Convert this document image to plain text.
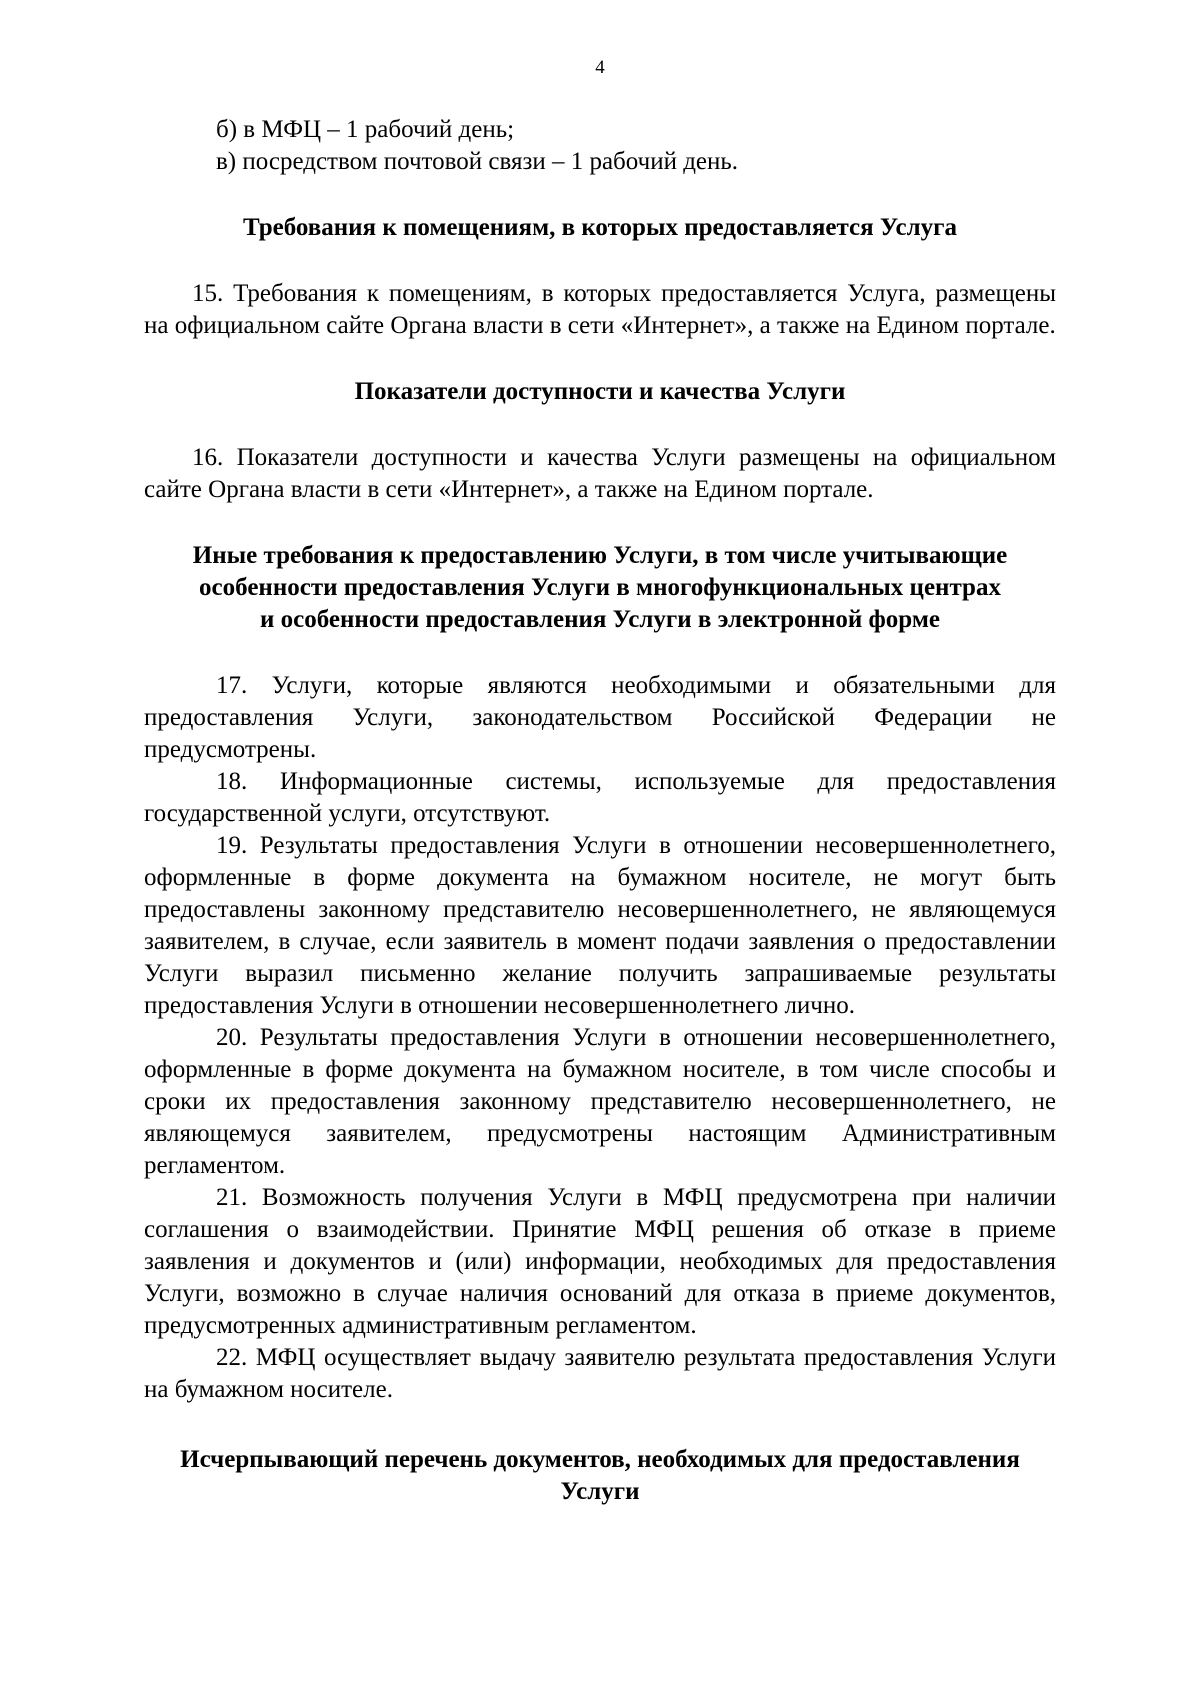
4

б) в МФЦ – 1 рабочий день;

в) посредством почтовой связи – 1 рабочий день.

Требования к помещениям, в которых предоставляется Услуга

15. Требования к помещениям, в которых предоставляется Услуга, размещены на официальном сайте Органа власти в сети «Интернет», а также на Едином портале.

Показатели доступности и качества Услуги

16. Показатели доступности и качества Услуги размещены на официальном сайте Органа власти в сети «Интернет», а также на Едином портале.

Иные требования к предоставлению Услуги, в том числе учитывающие
особенности предоставления Услуги в многофункциональных центрах
и особенности предоставления Услуги в электронной форме

17. Услуги, которые являются необходимыми и обязательными для предоставления Услуги, законодательством Российской Федерации не предусмотрены.

18. Информационные системы, используемые для предоставления государственной услуги, отсутствуют.

19. Результаты предоставления Услуги в отношении несовершеннолетнего, оформленные в форме документа на бумажном носителе, не могут быть предоставлены законному представителю несовершеннолетнего, не являющемуся заявителем, в случае, если заявитель в момент подачи заявления о предоставлении Услуги выразил письменно желание получить запрашиваемые результаты предоставления Услуги в отношении несовершеннолетнего лично.

20. Результаты предоставления Услуги в отношении несовершеннолетнего, оформленные в форме документа на бумажном носителе, в том числе способы и сроки их предоставления законному представителю несовершеннолетнего, не являющемуся заявителем, предусмотрены настоящим Административным регламентом.

21. Возможность получения Услуги в МФЦ предусмотрена при наличии соглашения о взаимодействии. Принятие МФЦ решения об отказе в приеме заявления и документов и (или) информации, необходимых для предоставления Услуги, возможно в случае наличия оснований для отказа в приеме документов, предусмотренных административным регламентом.

22. МФЦ осуществляет выдачу заявителю результата предоставления Услуги на бумажном носителе.

Исчерпывающий перечень документов, необходимых для предоставления
Услуги
